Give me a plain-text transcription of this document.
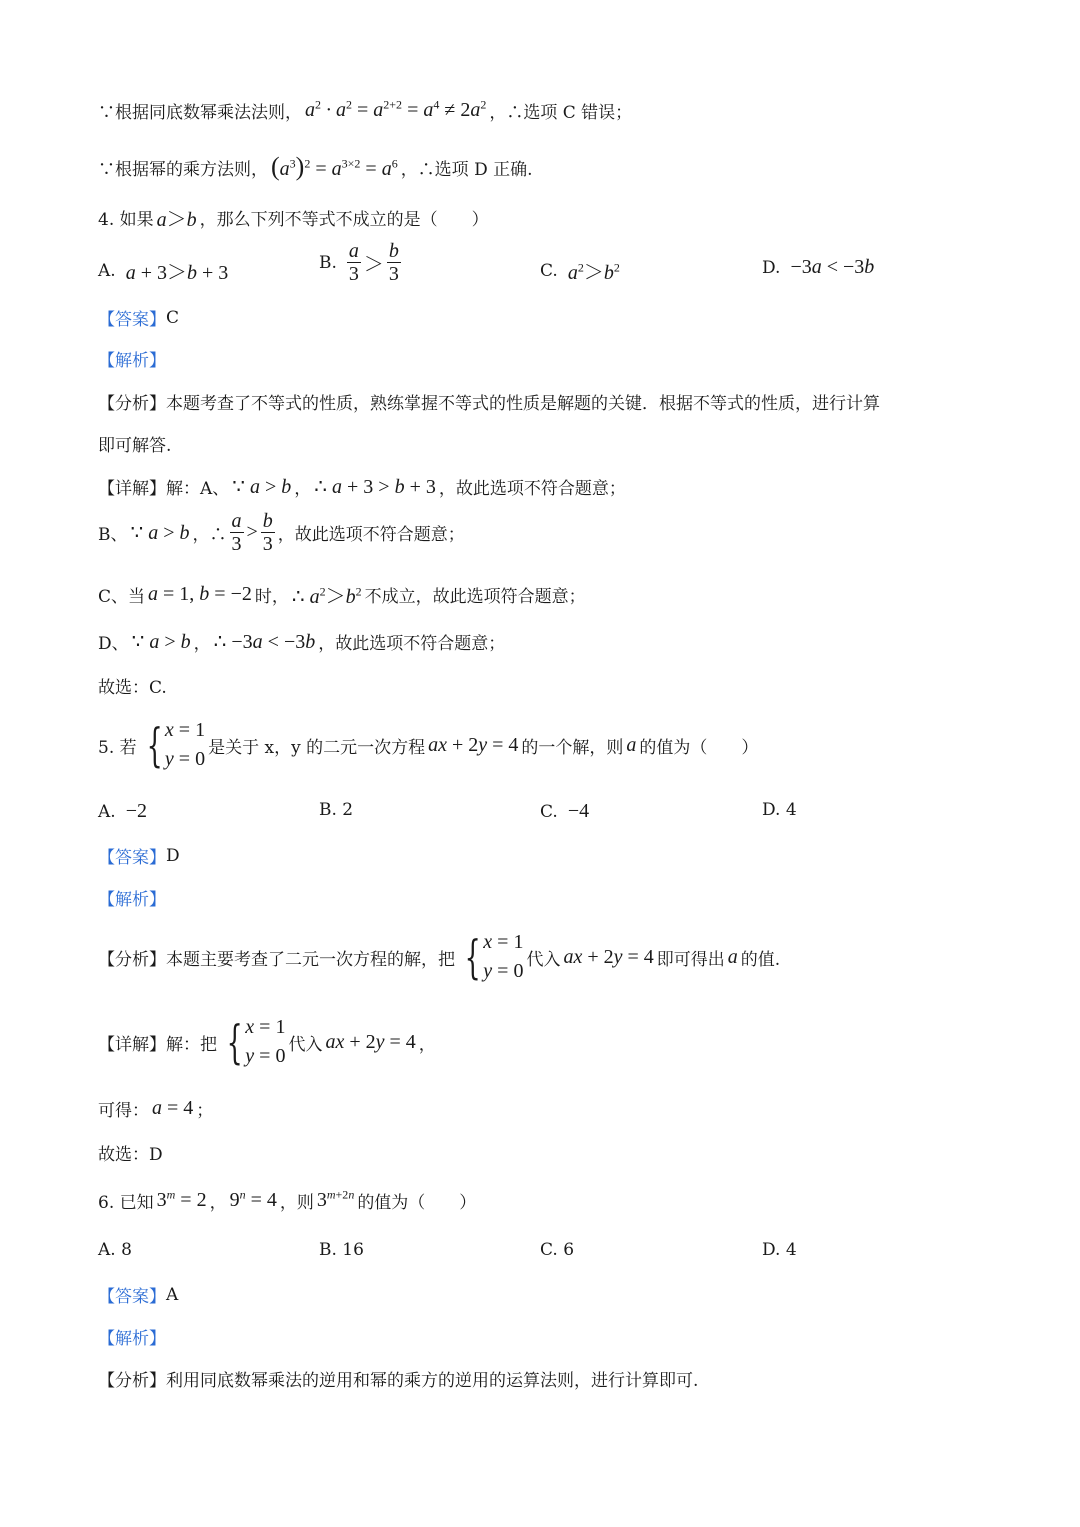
∵根据同底数幂乘法法则， $a^2 \cdot a^2 = a^{2+2} = a^4 \ne 2a^2$ ，∴选项 C 错误；
∵根据幂的乘方法则， $(a^3)^2 = a^{3\times 2} = a^6$ ，∴选项 D 正确.
4. 如果 a＞b ，那么下列不等式不成立的是（　　）
A. a + 3＞b + 3	B. $\frac{a}{3} > \frac{b}{3}$	C. $a^2>b^2$	D. −3a < −3b
【答案】 C
【解析】
【分析】 本题考查了不等式的性质，熟练掌握不等式的性质是解题的关键．根据不等式的性质，进行计算
即可解答.
【详解】 解：A、 ∵ a > b ， ∴ a + 3 > b + 3 ，故此选项不符合题意；
B、 ∵ a > b ，∴ $\frac{a}{3} > \frac{b}{3}$ ，故此选项不符合题意；
C、当 a = 1, b = −2 时， ∴ $a^2>b^2$ 不成立，故此选项符合题意；
D、 ∵ a > b ， ∴ −3a < −3b ，故此选项不符合题意；
故选：C.
5. 若 { x = 1
y = 0
是关于 x，y 的二元一次方程 ax + 2y = 4 的一个解，则 a 的值为（　　）
A. −2	B. 2	C. −4	D. 4
【答案】 D
【解析】
【分析】 本题主要考查了二元一次方程的解，把 { x = 1
y = 0
代入 ax + 2y = 4 即可得出 a 的值.
【详解】 解：把 { x = 1
y = 0
代入 ax + 2y = 4 ，
可得： a = 4 ；
故选：D
6. 已知 $3^m = 2$ ， $9^n = 4$ ，则 $3^{m+2n}$ 的值为（　　）
A. 8	B. 16	C. 6	D. 4
【答案】 A
【解析】
【分析】 利用同底数幂乘法的逆用和幂的乘方的逆用的运算法则，进行计算即可.
